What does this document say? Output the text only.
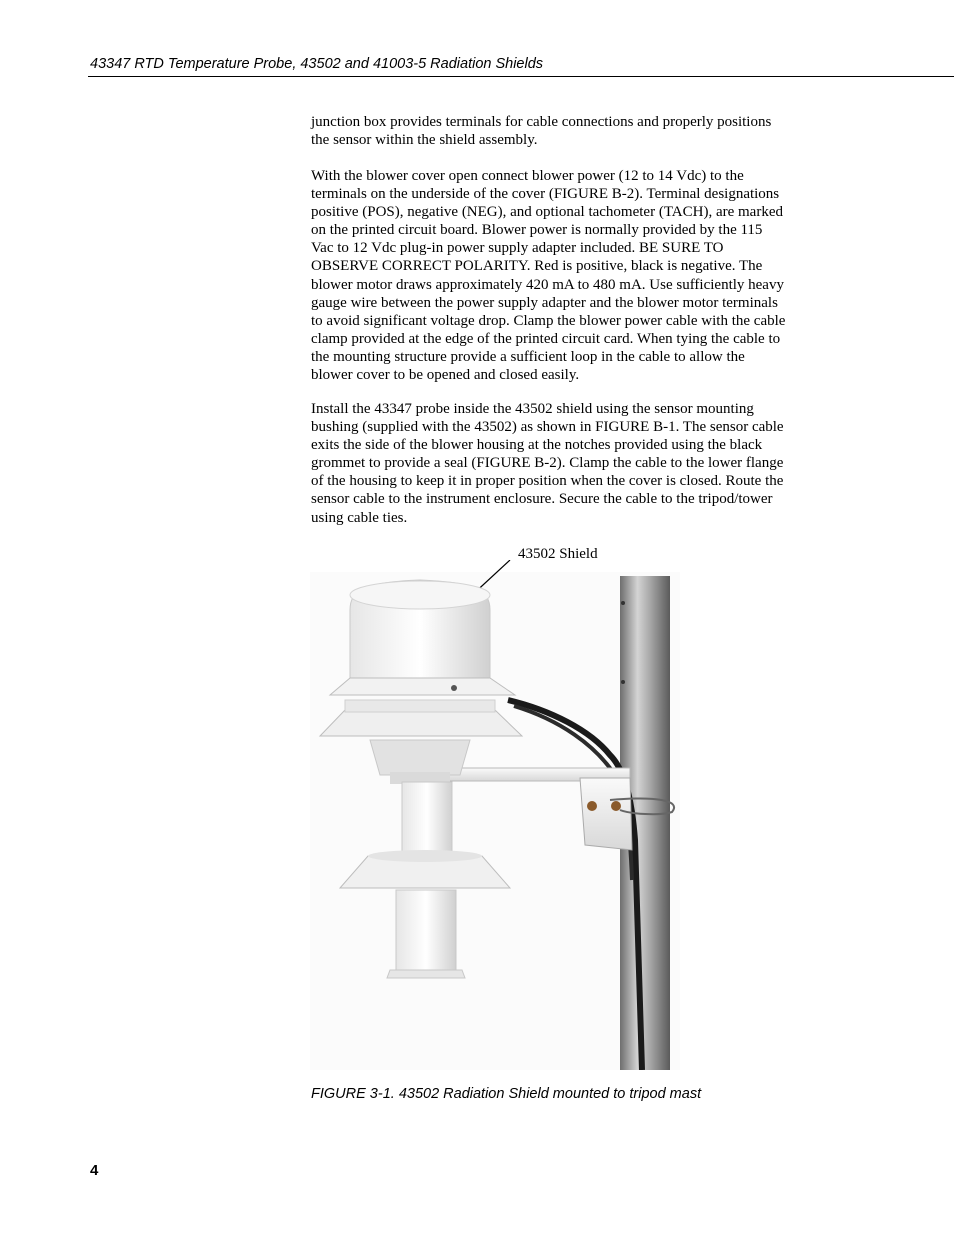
43347 RTD Temperature Probe, 43502 and 41003-5 Radiation Shields

junction box provides terminals for cable connections and properly positions
the sensor within the shield assembly.

With the blower cover open connect blower power (12 to 14 Vdc) to the
terminals on the underside of the cover (FIGURE B-2). Terminal designations
positive (POS), negative (NEG), and optional tachometer (TACH), are marked
on the printed circuit board. Blower power is normally provided by the 115
Vac to 12 Vdc plug-in power supply adapter included. BE SURE TO
OBSERVE CORRECT POLARITY. Red is positive, black is negative. The
blower motor draws approximately 420 mA to 480 mA. Use sufficiently heavy
gauge wire between the power supply adapter and the blower motor terminals
to avoid significant voltage drop. Clamp the blower power cable with the cable
clamp provided at the edge of the printed circuit card. When tying the cable to
the mounting structure provide a sufficient loop in the cable to allow the
blower cover to be opened and closed easily.

Install the 43347 probe inside the 43502 shield using the sensor mounting
bushing (supplied with the 43502) as shown in FIGURE B-1. The sensor cable
exits the side of the blower housing at the notches provided using the black
grommet to provide a seal (FIGURE B-2). Clamp the cable to the lower flange
of the housing to keep it in proper position when the cover is closed. Route the
sensor cable to the instrument enclosure. Secure the cable to the tripod/tower
using cable ties.

43502 Shield
FIGURE 3-1. 43502 Radiation Shield mounted to tripod mast
4
